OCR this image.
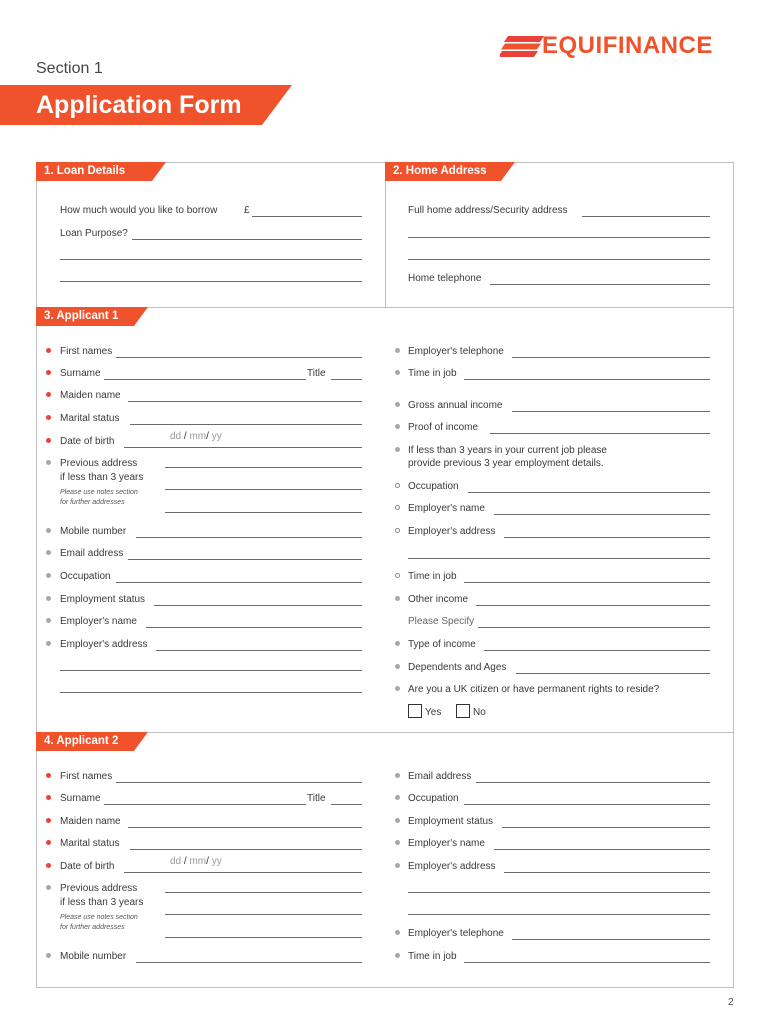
EQUIFINANCE
Section 1
Application Form
1. Loan Details	2. Home Address
How much would you like to borrow	£
Loan Purpose?
Full home address/Security address
Home telephone
3. Applicant 1
First names
Surname	Title
Maiden name
Marital status
Date of birth	dd / mm/ yy
Previous address
if less than 3 years
Please use notes section
for further addresses
Mobile number
Email address
Occupation
Employment status
Employer's name
Employer's address
Employer's telephone
Time in job
Gross annual income
Proof of income
If less than 3 years in your current job please
provide previous 3 year employment details.
Occupation
Employer's name
Employer's address
Time in job
Other income
Please Specify
Type of income
Dependents and Ages
Are you a UK citizen or have permanent rights to reside?
Yes	No
4. Applicant 2
First names
Surname	Title
Maiden name
Marital status
Date of birth	dd / mm/ yy
Previous address
if less than 3 years
Please use notes section
for further addresses
Mobile number
Email address
Occupation
Employment status
Employer's name
Employer's address
Employer's telephone
Time in job
2
